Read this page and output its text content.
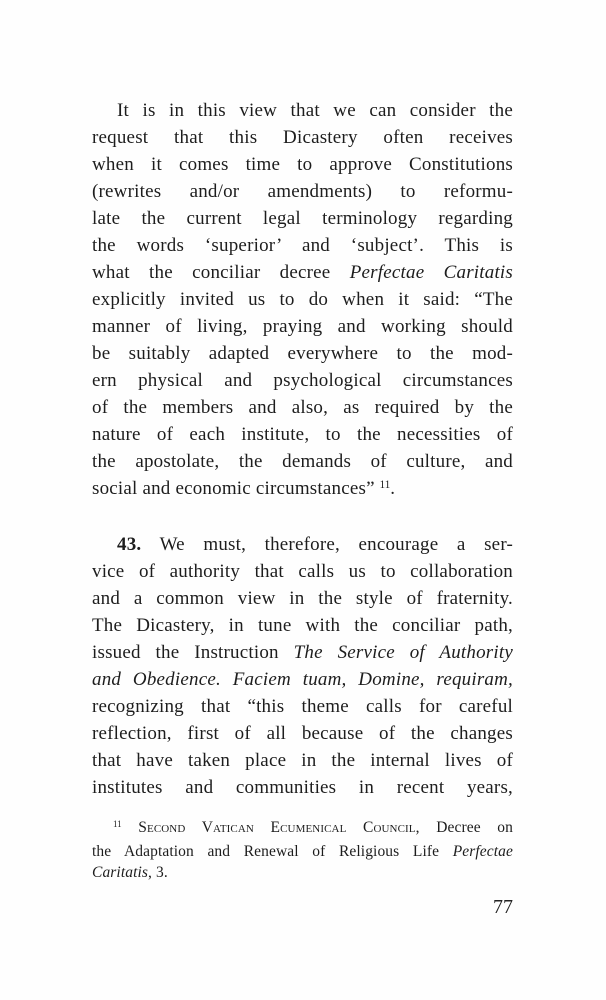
It is in this view that we can consider the
request that this Dicastery often receives
when it comes time to approve Constitutions
(rewrites and/or amendments) to reformu-
late the current legal terminology regarding
the words ‘superior’ and ‘subject’. This is
what the conciliar decree Perfectae Caritatis
explicitly invited us to do when it said: “The
manner of living, praying and working should
be suitably adapted everywhere to the mod-
ern physical and psychological circumstances
of the members and also, as required by the
nature of each institute, to the necessities of
the apostolate, the demands of culture, and
social and economic circumstances” $^{11}$.
43. We must, therefore, encourage a ser-
vice of authority that calls us to collaboration
and a common view in the style of fraternity.
The Dicastery, in tune with the conciliar path,
issued the Instruction The Service of Authority
and Obedience. Faciem tuam, Domine, requiram,
recognizing that “this theme calls for careful
reflection, first of all because of the changes
that have taken place in the internal lives of
institutes and communities in recent years,
$^{11}$ Second Vatican Ecumenical Council, Decree on
the Adaptation and Renewal of Religious Life Perfectae
Caritatis, 3.
77
